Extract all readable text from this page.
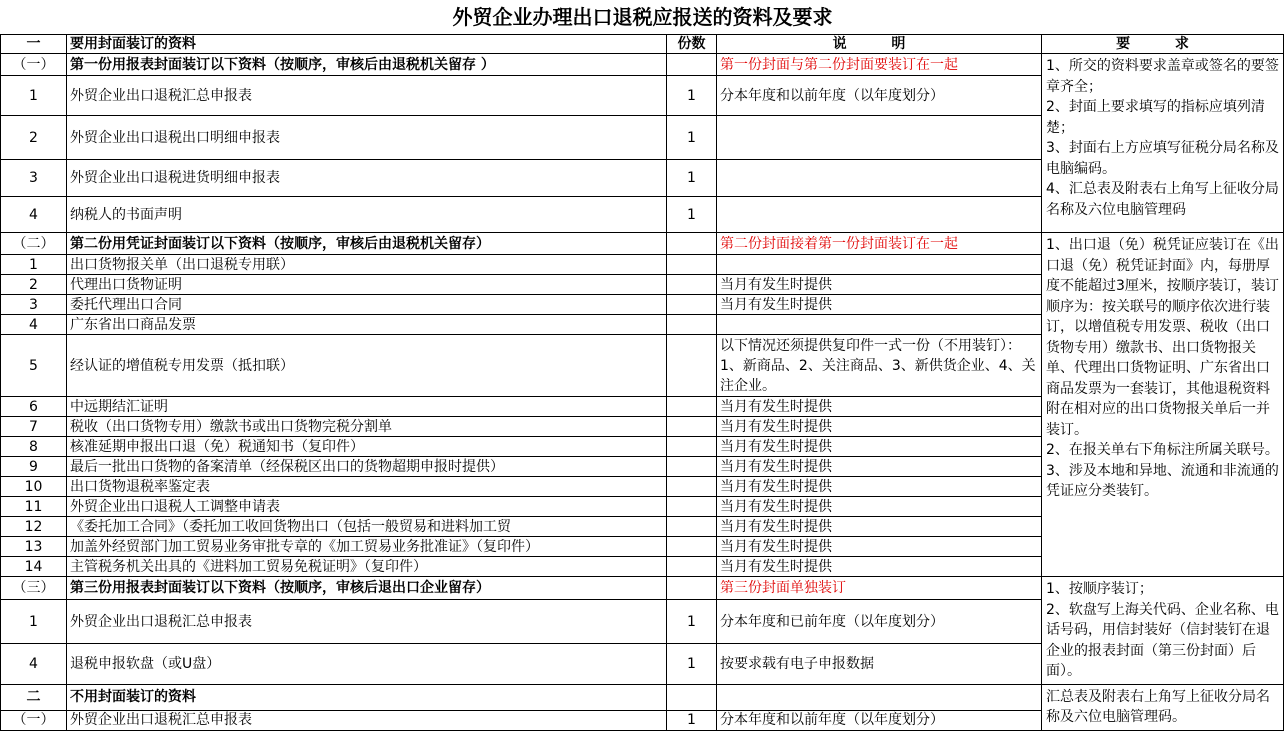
外贸企业办理出口退税应报送的资料及要求
一	要用封面装订的资料	份数	说 明	要 求
（一）	第一份用报表封面装订以下资料（按顺序，审核后由退税机关留存 ）		第一份封面与第二份封面要装订在一起	1、所交的资料要求盖章或签名的要签章齐全；
2、封面上要求填写的指标应填列清楚；
3、封面右上方应填写征税分局名称及电脑编码。
4、汇总表及附表右上角写上征收分局名称及六位电脑管理码
1	外贸企业出口退税汇总申报表	1	分本年度和以前年度（以年度划分）	
2	外贸企业出口退税出口明细申报表	1		
3	外贸企业出口退税进货明细申报表	1		
4	纳税人的书面声明	1		
（二）	第二份用凭证封面装订以下资料（按顺序，审核后由退税机关留存）		第二份封面接着第一份封面装订在一起	1、出口退（免）税凭证应装订在《出口退（免）税凭证封面》内，每册厚度不能超过3厘米，按顺序装订，装订顺序为：按关联号的顺序依次进行装订，以增值税专用发票、税收（出口货物专用）缴款书、出口货物报关单、代理出口货物证明、广东省出口商品发票为一套装订，其他退税资料附在相对应的出口货物报关单后一并装订。
2、在报关单右下角标注所属关联号。
3、涉及本地和异地、流通和非流通的凭证应分类装钉。
1	出口货物报关单（出口退税专用联）			
2	代理出口货物证明		当月有发生时提供	
3	委托代理出口合同		当月有发生时提供	
4	广东省出口商品发票			
5	经认证的增值税专用发票（抵扣联）		以下情况还须提供复印件一式一份（不用装钉）：1、新商品、2、关注商品、3、新供货企业、4、关注企业。	
6	中远期结汇证明		当月有发生时提供	
7	税收（出口货物专用）缴款书或出口货物完税分割单		当月有发生时提供	
8	核准延期申报出口退（免）税通知书（复印件）		当月有发生时提供	
9	最后一批出口货物的备案清单（经保税区出口的货物超期申报时提供）		当月有发生时提供	
10	出口货物退税率鉴定表		当月有发生时提供	
11	外贸企业出口退税人工调整申请表		当月有发生时提供	
12	《委托加工合同》（委托加工收回货物出口（包括一般贸易和进料加工贸		当月有发生时提供	
13	加盖外经贸部门加工贸易业务审批专章的《加工贸易业务批准证》（复印件）		当月有发生时提供	
14	主管税务机关出具的《进料加工贸易免税证明》（复印件）		当月有发生时提供	
（三）	第三份用报表封面装订以下资料（按顺序，审核后退出口企业留存）		第三份封面单独装订	1、按顺序装订；
2、软盘写上海关代码、企业名称、电话号码，用信封装好（信封装钉在退企业的报表封面（第三份封面）后面）。
1	外贸企业出口退税汇总申报表	1	分本年度和已前年度（以年度划分）	
4	退税申报软盘（或U盘）	1	按要求载有电子申报数据	
二	不用封面装订的资料			汇总表及附表右上角写上征收分局名称及六位电脑管理码。
（一）	外贸企业出口退税汇总申报表	1	分本年度和以前年度（以年度划分）	
